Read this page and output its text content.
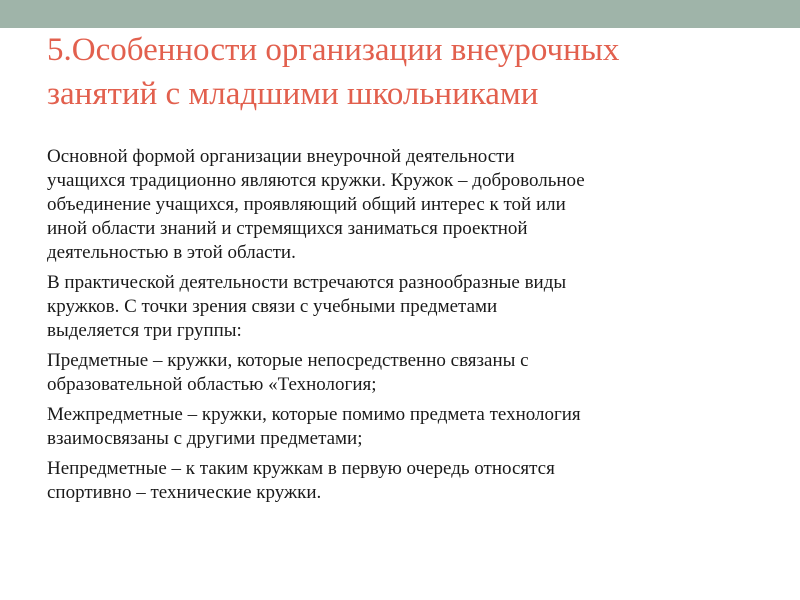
5.Особенности организации внеурочных
занятий с младшими школьниками

Основной формой организации внеурочной деятельности
учащихся традиционно являются кружки. Кружок – добровольное
объединение учащихся, проявляющий общий интерес к той или
иной области знаний и стремящихся заниматься проектной
деятельностью в этой области.

В практической деятельности встречаются разнообразные виды
кружков. С точки зрения связи с учебными предметами
выделяется три группы:

Предметные – кружки, которые непосредственно связаны с
образовательной областью «Технология;

Межпредметные – кружки, которые помимо предмета технология
взаимосвязаны с другими предметами;

Непредметные – к таким кружкам в первую очередь относятся
спортивно – технические кружки.
